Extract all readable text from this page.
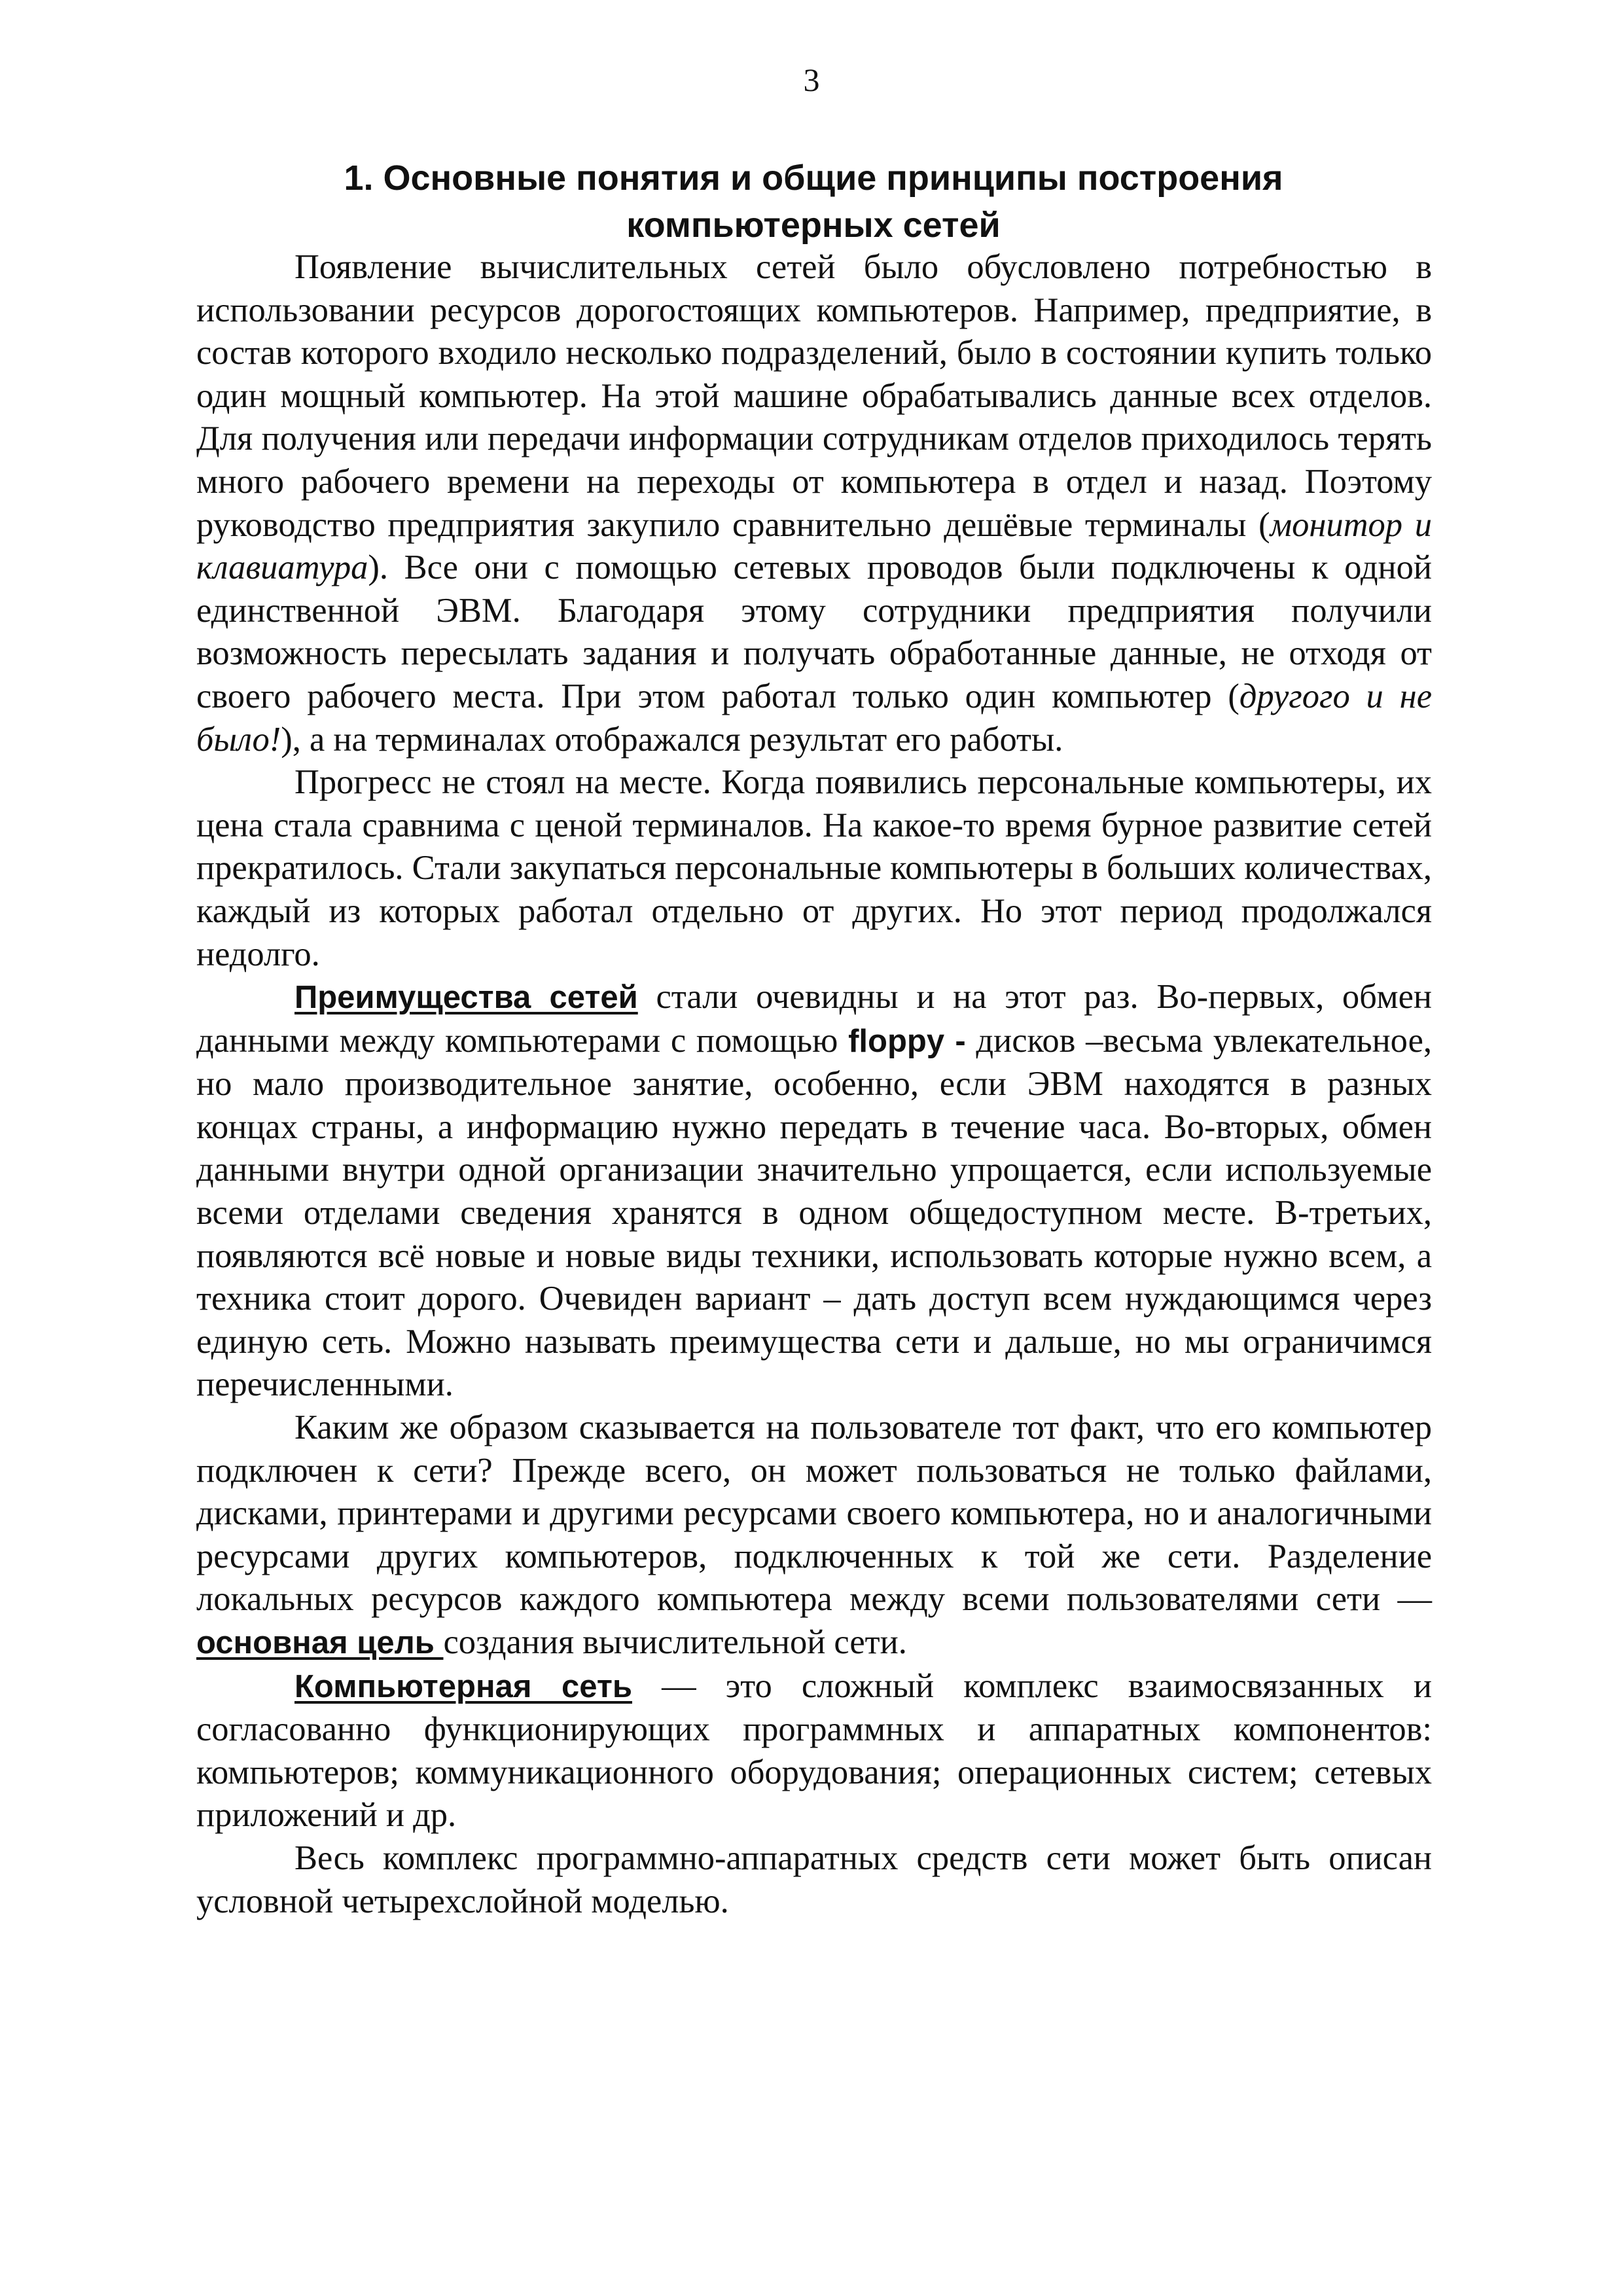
3
1. Основные понятия и общие принципы построения
компьютерных сетей

Появление вычислительных сетей было обусловлено потребностью в использовании ресурсов дорогостоящих компьютеров. Например, предприятие, в состав которого входило несколько подразделений, было в состоянии купить только один мощный компьютер. На этой машине обрабатывались данные всех отделов. Для получения или передачи информации сотрудникам отделов приходилось терять много рабочего времени на переходы от компьютера в отдел и назад. Поэтому руководство предприятия закупило сравнительно дешёвые терминалы (монитор и клавиатура). Все они с помощью сетевых проводов были подключены к одной единственной ЭВМ. Благодаря этому сотрудники предприятия получили возможность пересылать задания и получать обработанные данные, не отходя от своего рабочего места. При этом работал только один компьютер (другого и не было!), а на терминалах отображался результат его работы.

Прогресс не стоял на месте. Когда появились персональные компьютеры, их цена стала сравнима с ценой терминалов. На какое-то время бурное развитие сетей прекратилось. Стали закупаться персональные компьютеры в больших количествах, каждый из которых работал отдельно от других. Но этот период продолжался недолго.

Преимущества сетей стали очевидны и на этот раз. Во-первых, обмен данными между компьютерами с помощью floppy - дисков –весьма увлекательное, но мало производительное занятие, особенно, если ЭВМ находятся в разных концах страны, а информацию нужно передать в течение часа. Во-вторых, обмен данными внутри одной организации значительно упрощается, если используемые всеми отделами сведения хранятся в одном общедоступном месте. В-третьих, появляются всё новые и новые виды техники, использовать которые нужно всем, а техника стоит дорого. Очевиден вариант – дать доступ всем нуждающимся через единую сеть. Можно называть преимущества сети и дальше, но мы ограничимся перечисленными.

Каким же образом сказывается на пользователе тот факт, что его компьютер подключен к сети? Прежде всего, он может пользоваться не только файлами, дисками, принтерами и другими ресурсами своего компьютера, но и аналогичными ресурсами других компьютеров, подключенных к той же сети. Разделение локальных ресурсов каждого компьютера между всеми пользователями сети — основная цель создания вычислительной сети.

Компьютерная сеть — это сложный комплекс взаимосвязанных и согласованно функционирующих программных и аппаратных компонентов: компьютеров; коммуникационного оборудования; операционных систем; сетевых приложений и др.

Весь комплекс программно-аппаратных средств сети может быть описан условной четырехслойной моделью.
